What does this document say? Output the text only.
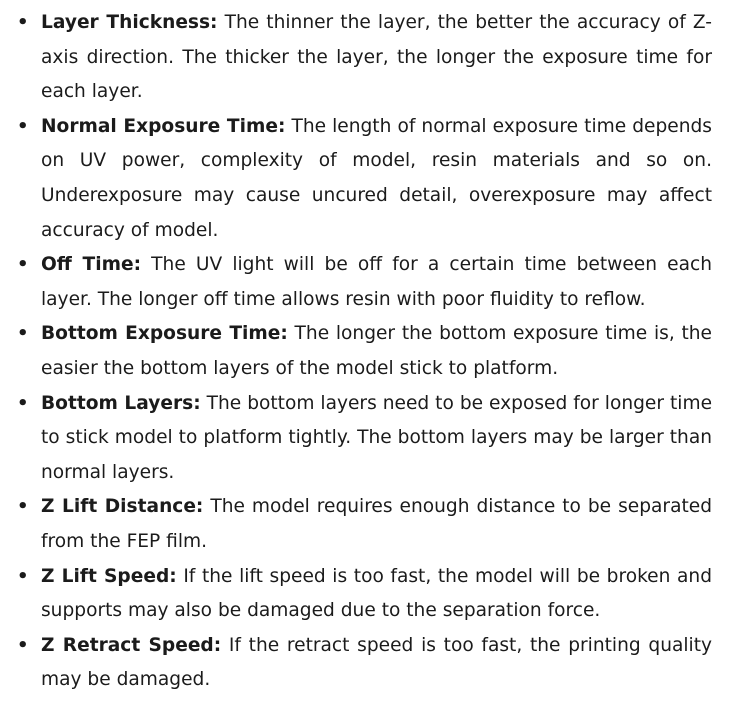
• Layer Thickness: The thinner the layer, the better the accuracy of Z-axis direction. The thicker the layer, the longer the exposure time for each layer.
• Normal Exposure Time: The length of normal exposure time depends on UV power, complexity of model, resin materials and so on. Underexposure may cause uncured detail, overexposure may affect accuracy of model.
• Off Time: The UV light will be off for a certain time between each layer. The longer off time allows resin with poor fluidity to reflow.
• Bottom Exposure Time: The longer the bottom exposure time is, the easier the bottom layers of the model stick to platform.
• Bottom Layers: The bottom layers need to be exposed for longer time to stick model to platform tightly. The bottom layers may be larger than normal layers.
• Z Lift Distance: The model requires enough distance to be separated from the FEP film.
• Z Lift Speed: If the lift speed is too fast, the model will be broken and supports may also be damaged due to the separation force.
• Z Retract Speed: If the retract speed is too fast, the printing quality may be damaged.
